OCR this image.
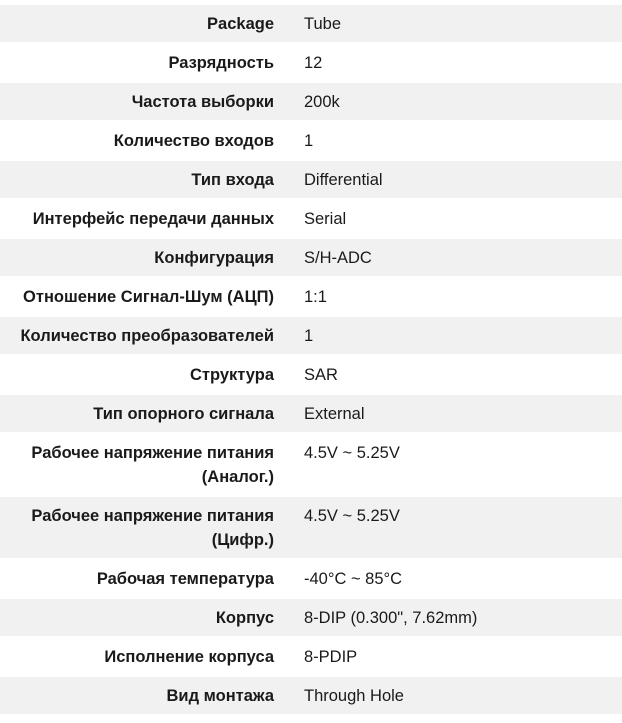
Package	Tube
Разрядность	12
Частота выборки	200k
Количество входов	1
Тип входа	Differential
Интерфейс передачи данных	Serial
Конфигурация	S/H-ADC
Отношение Сигнал-Шум (АЦП)	1:1
Количество преобразователей	1
Структура	SAR
Тип опорного сигнала	External
Рабочее напряжение питания (Аналог.)	4.5V ~ 5.25V
Рабочее напряжение питания (Цифр.)	4.5V ~ 5.25V
Рабочая температура	-40°C ~ 85°C
Корпус	8-DIP (0.300", 7.62mm)
Исполнение корпуса	8-PDIP
Вид монтажа	Through Hole
